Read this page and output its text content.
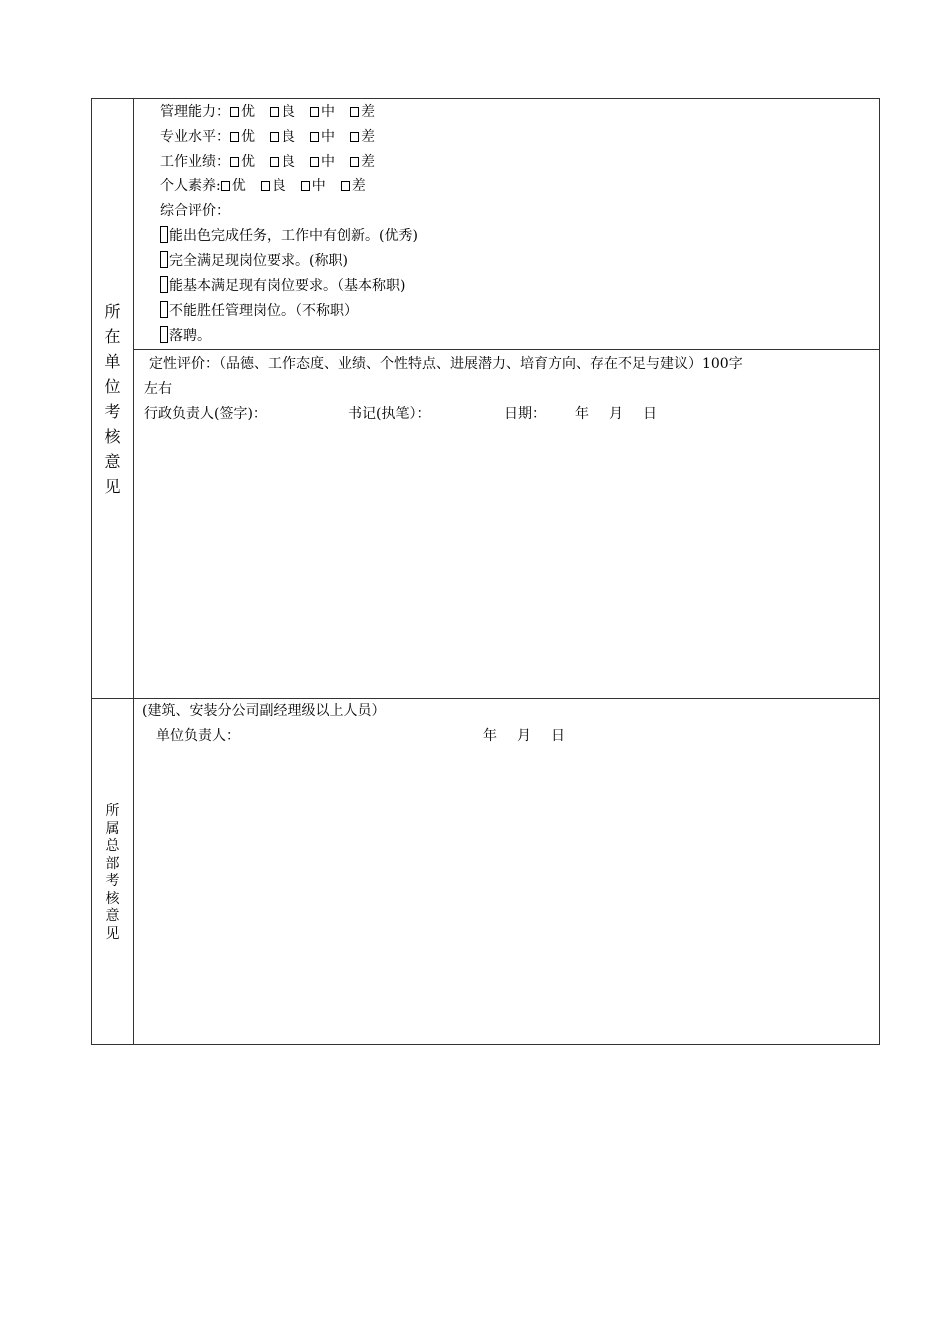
所
在
单
位
考
核
意
见
管理能力： 优 良 中 差
专业水平： 优 良 中 差
工作业绩： 优 良 中 差
个人素养: 优 良 中 差
综合评价：
能出色完成任务，工作中有创新。(优秀)
完全满足现岗位要求。(称职)
能基本满足现有岗位要求。（基本称职)
不能胜任管理岗位。（不称职）
落聘。
定性评价：（品德、工作态度、业绩、个性特点、进展潜力、培育方向、存在不足与建议）100字
左右
行政负责人(签字)：	书记(执笔）：	日期： 年 月 日
所
属
总
部
考
核
意
见
(建筑、安装分公司副经理级以上人员）
单位负责人：	年 月 日
